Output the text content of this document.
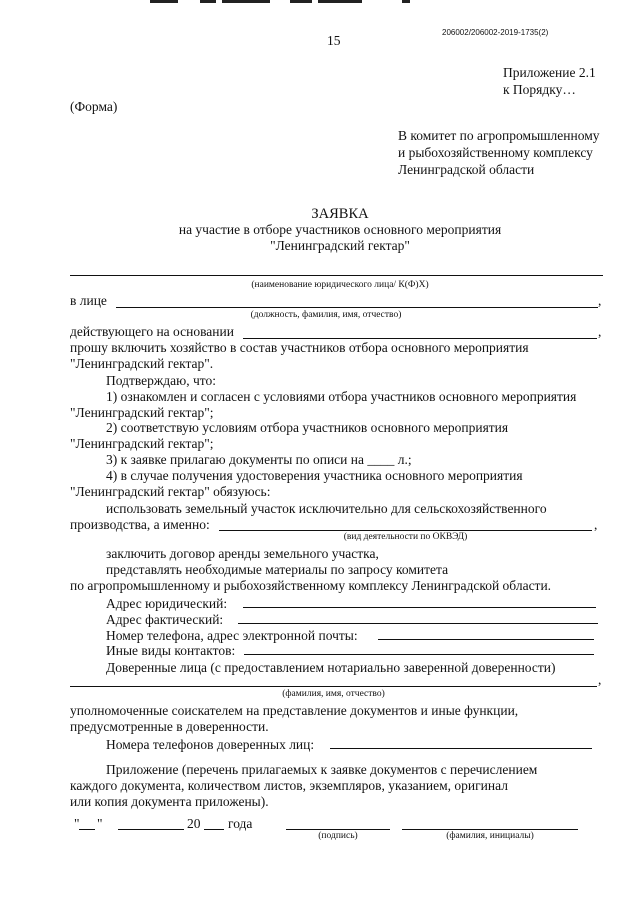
15
206002/206002-2019-1735(2)
Приложение 2.1
к Порядку…
(Форма)
В комитет по агропромышленному
и рыбохозяйственному комплексу
Ленинградской области
ЗАЯВКА
на участие в отборе участников основного мероприятия
"Ленинградский гектар"
(наименование юридического лица/ К(Ф)Х)
в лице	,
(должность, фамилия, имя, отчество)
действующего на основании	,
прошу включить хозяйство в состав участников отбора основного мероприятия
"Ленинградский гектар".
Подтверждаю, что:
1) ознакомлен и согласен с условиями отбора участников основного мероприятия
"Ленинградский гектар";
2) соответствую условиям отбора участников основного мероприятия
"Ленинградский гектар";
3) к заявке прилагаю документы по описи на ____ л.;
4) в случае получения удостоверения участника основного мероприятия
"Ленинградский гектар" обязуюсь:
использовать земельный участок исключительно для сельскохозяйственного
производства, а именно:	,
(вид деятельности по ОКВЭД)
заключить договор аренды земельного участка,
представлять необходимые материалы по запросу комитета
по агропромышленному и рыбохозяйственному комплексу Ленинградской области.
Адрес юридический:
Адрес фактический:
Номер телефона, адрес электронной почты:
Иные виды контактов:
Доверенные лица (с предоставлением нотариально заверенной доверенности)
,
(фамилия, имя, отчество)
уполномоченные соискателем на представление документов и иные функции,
предусмотренные в доверенности.
Номера телефонов доверенных лиц:
Приложение (перечень прилагаемых к заявке документов с перечислением
каждого документа, количеством листов, экземпляров, указанием, оригинал
или копия документа приложены).
" "	20 года
(подпись)	(фамилия, инициалы)
